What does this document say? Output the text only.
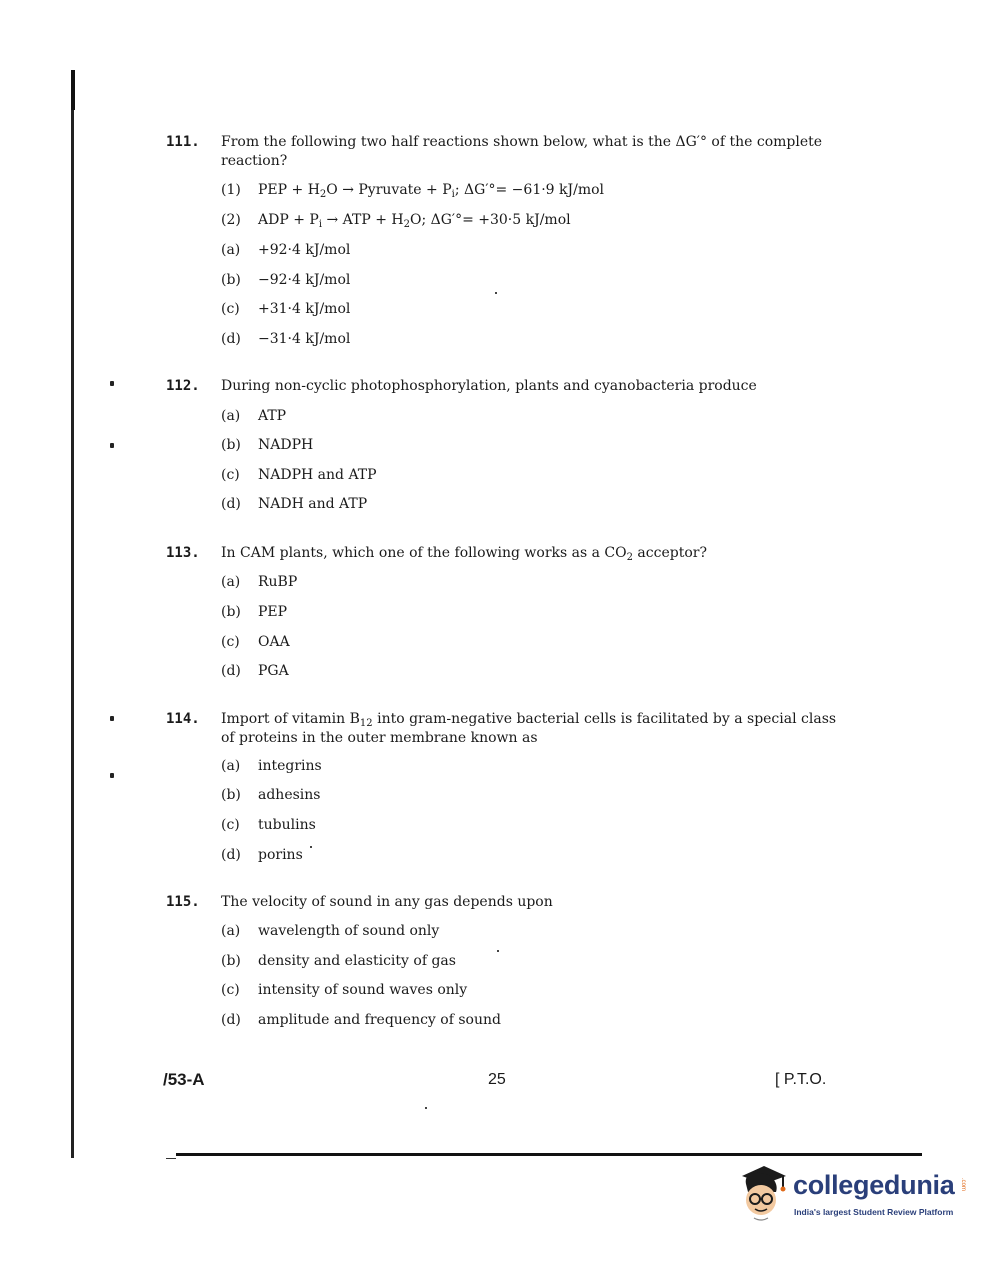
111. From the following two half reactions shown below, what is the ΔG′° of the complete
reaction?
(1)	PEP + $H_2O$ → Pyruvate + $P_i$; ΔG′°= −61·9 kJ/mol
(2)	ADP + $P_i$ → ATP + $H_2O$; ΔG′°= +30·5 kJ/mol
(a)	+92·4 kJ/mol
(b)	−92·4 kJ/mol
(c)	+31·4 kJ/mol
(d)	−31·4 kJ/mol
112. During non-cyclic photophosphorylation, plants and cyanobacteria produce
(a)	ATP
(b)	NADPH
(c)	NADPH and ATP
(d)	NADH and ATP
113. In CAM plants, which one of the following works as a $CO_2$ acceptor?
(a)	RuBP
(b)	PEP
(c)	OAA
(d)	PGA
114. Import of vitamin $B_{12}$ into gram-negative bacterial cells is facilitated by a special class
of proteins in the outer membrane known as
(a)	integrins
(b)	adhesins
(c)	tubulins
(d)	porins
115. The velocity of sound in any gas depends upon
(a)	wavelength of sound only
(b)	density and elasticity of gas
(c)	intensity of sound waves only
(d)	amplitude and frequency of sound
/53-A	25	[ P.T.O.
collegedunia .com
India's largest Student Review Platform
